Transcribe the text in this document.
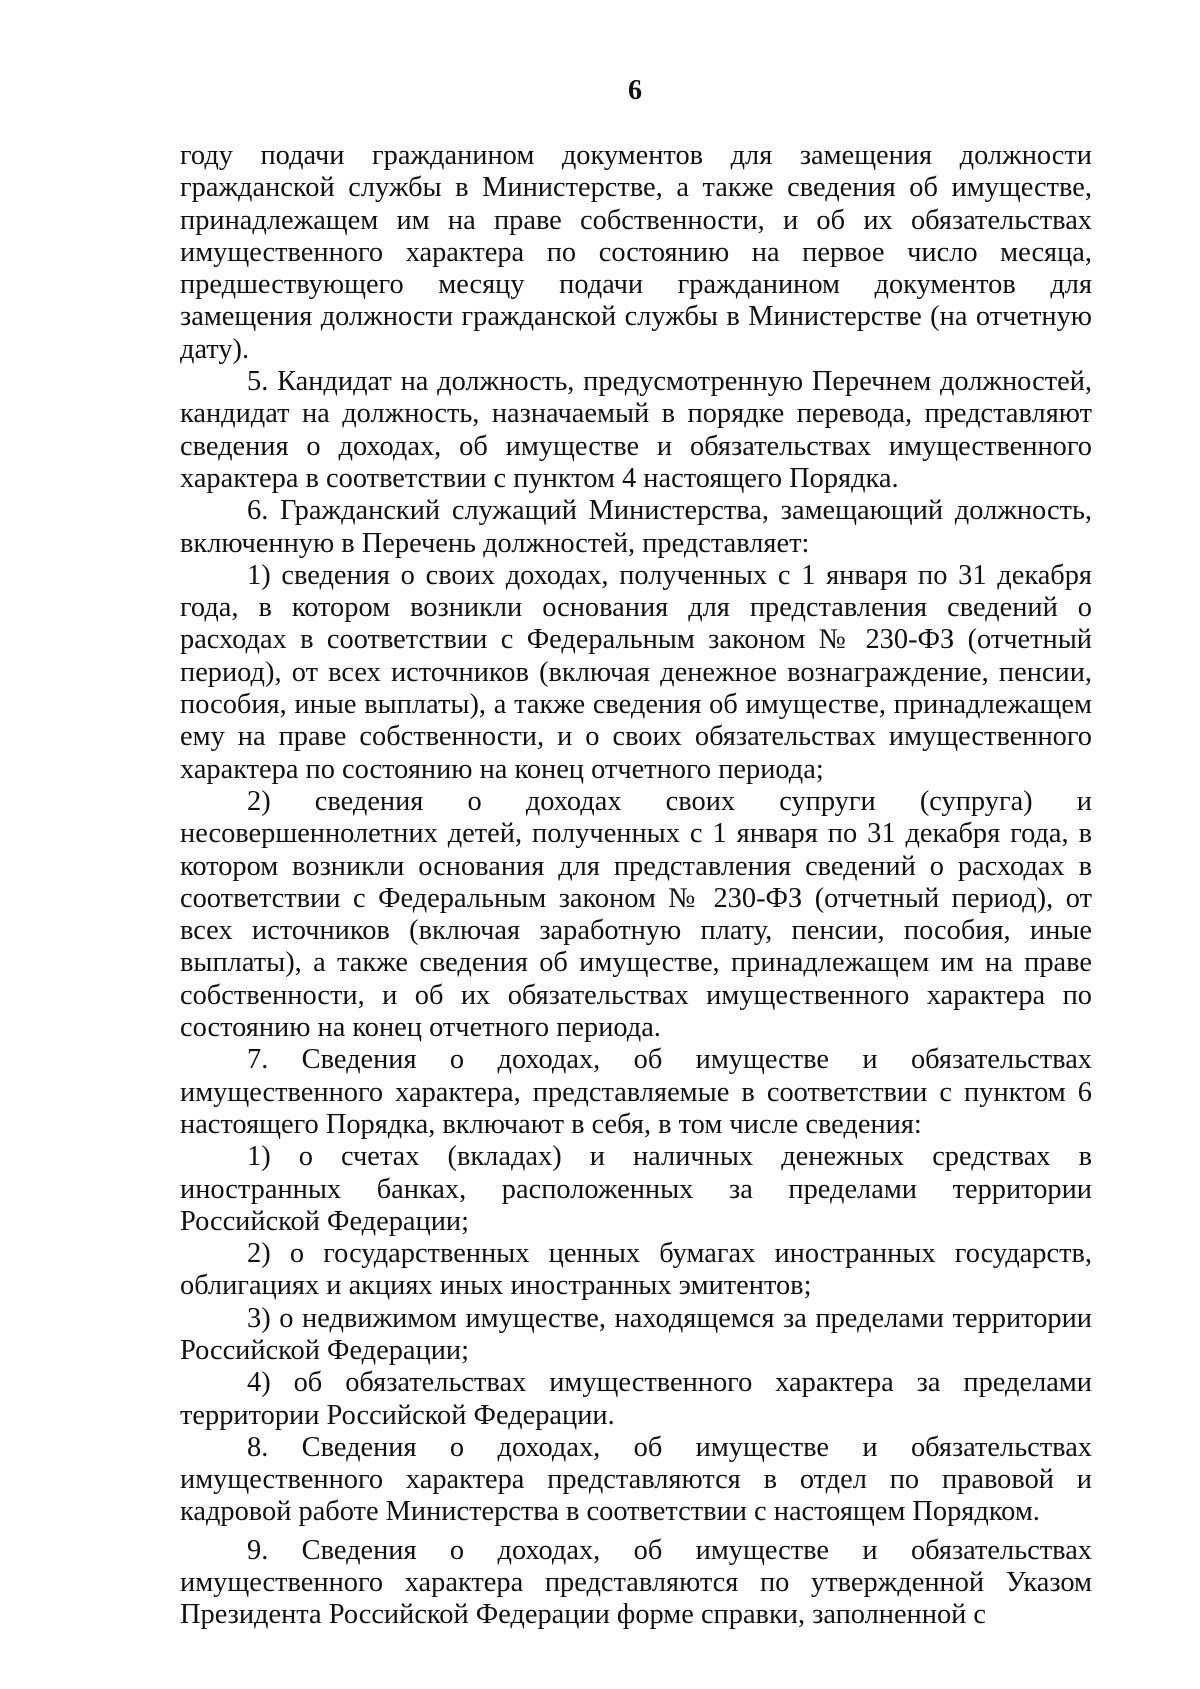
6

году подачи гражданином документов для замещения должности гражданской службы в Министерстве, а также сведения об имуществе, принадлежащем им на праве собственности, и об их обязательствах имущественного характера по состоянию на первое число месяца, предшествующего месяцу подачи гражданином документов для замещения должности гражданской службы в Министерстве (на отчетную дату).

5. Кандидат на должность, предусмотренную Перечнем должностей, кандидат на должность, назначаемый в порядке перевода, представляют сведения о доходах, об имуществе и обязательствах имущественного характера в соответствии с пунктом 4 настоящего Порядка.

6. Гражданский служащий Министерства, замещающий должность, включенную в Перечень должностей, представляет:

1) сведения о своих доходах, полученных с 1 января по 31 декабря года, в котором возникли основания для представления сведений о расходах в соответствии с Федеральным законом № 230-ФЗ (отчетный период), от всех источников (включая денежное вознаграждение, пенсии, пособия, иные выплаты), а также сведения об имуществе, принадлежащем ему на праве собственности, и о своих обязательствах имущественного характера по состоянию на конец отчетного периода;

2) сведения о доходах своих супруги (супруга) и несовершеннолетних детей, полученных с 1 января по 31 декабря года, в котором возникли основания для представления сведений о расходах в соответствии с Федеральным законом № 230-ФЗ (отчетный период), от всех источников (включая заработную плату, пенсии, пособия, иные выплаты), а также сведения об имуществе, принадлежащем им на праве собственности, и об их обязательствах имущественного характера по состоянию на конец отчетного периода.

7. Сведения о доходах, об имуществе и обязательствах имущественного характера, представляемые в соответствии с пунктом 6 настоящего Порядка, включают в себя, в том числе сведения:

1) о счетах (вкладах) и наличных денежных средствах в иностранных банках, расположенных за пределами территории Российской Федерации;

2) о государственных ценных бумагах иностранных государств, облигациях и акциях иных иностранных эмитентов;

3) о недвижимом имуществе, находящемся за пределами территории Российской Федерации;

4) об обязательствах имущественного характера за пределами территории Российской Федерации.

8. Сведения о доходах, об имуществе и обязательствах имущественного характера представляются в отдел по правовой и кадровой работе Министерства в соответствии с настоящем Порядком.

9. Сведения о доходах, об имуществе и обязательствах имущественного характера представляются по утвержденной Указом Президента Российской Федерации форме справки, заполненной с
